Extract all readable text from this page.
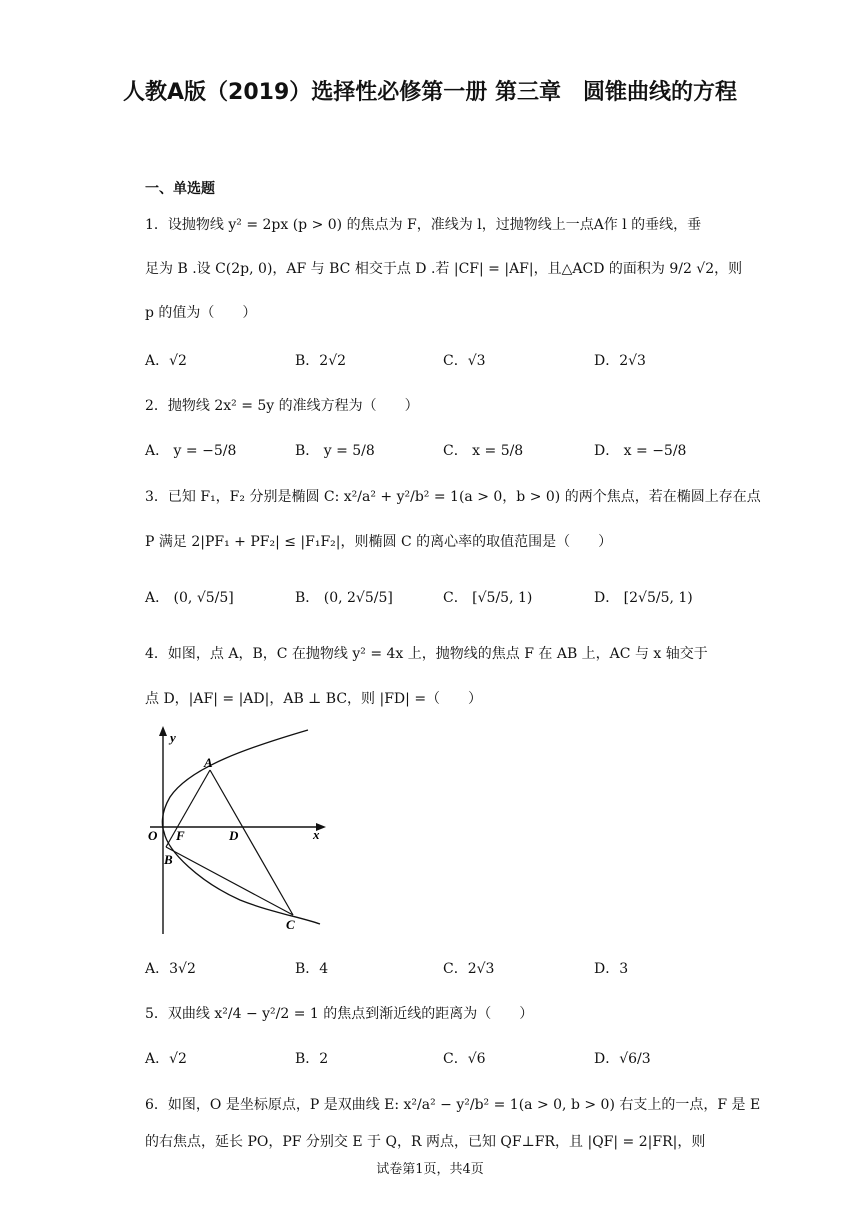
人教A版（2019）选择性必修第一册 第三章　圆锥曲线的方程
一、单选题
1．设抛物线 y² = 2px (p > 0) 的焦点为 F，准线为 l，过抛物线上一点A作 l 的垂线，垂
足为 B .设 C(2p, 0)，AF 与 BC 相交于点 D .若 |CF| = |AF|，且△ACD 的面积为 9/2 √2，则
p 的值为（　　）
A．√2	B．2√2	C．√3	D．2√3
2．抛物线 2x² = 5y 的准线方程为（　　）
A． y = −5/8	B． y = 5/8	C． x = 5/8	D． x = −5/8
3．已知 F₁，F₂ 分别是椭圆 C: x²/a² + y²/b² = 1(a > 0，b > 0) 的两个焦点，若在椭圆上存在点
P 满足 2|PF₁ + PF₂| ≤ |F₁F₂|，则椭圆 C 的离心率的取值范围是（　　）
A． (0, √5/5]	B． (0, 2√5/5]	C． [√5/5, 1)	D． [2√5/5, 1)
4．如图，点 A，B，C 在抛物线 y² = 4x 上，抛物线的焦点 F 在 AB 上，AC 与 x 轴交于
点 D，|AF| = |AD|，AB ⊥ BC，则 |FD| =（　　）
y
A
O F	D	x
B
C
A．3√2	B．4	C．2√3	D．3
5．双曲线 x²/4 − y²/2 = 1 的焦点到渐近线的距离为（　　）
A．√2	B．2	C．√6	D．√6/3
6．如图，O 是坐标原点，P 是双曲线 E: x²/a² − y²/b² = 1(a > 0, b > 0) 右支上的一点，F 是 E
的右焦点，延长 PO，PF 分别交 E 于 Q，R 两点，已知 QF⊥FR，且 |QF| = 2|FR|，则
试卷第1页，共4页
